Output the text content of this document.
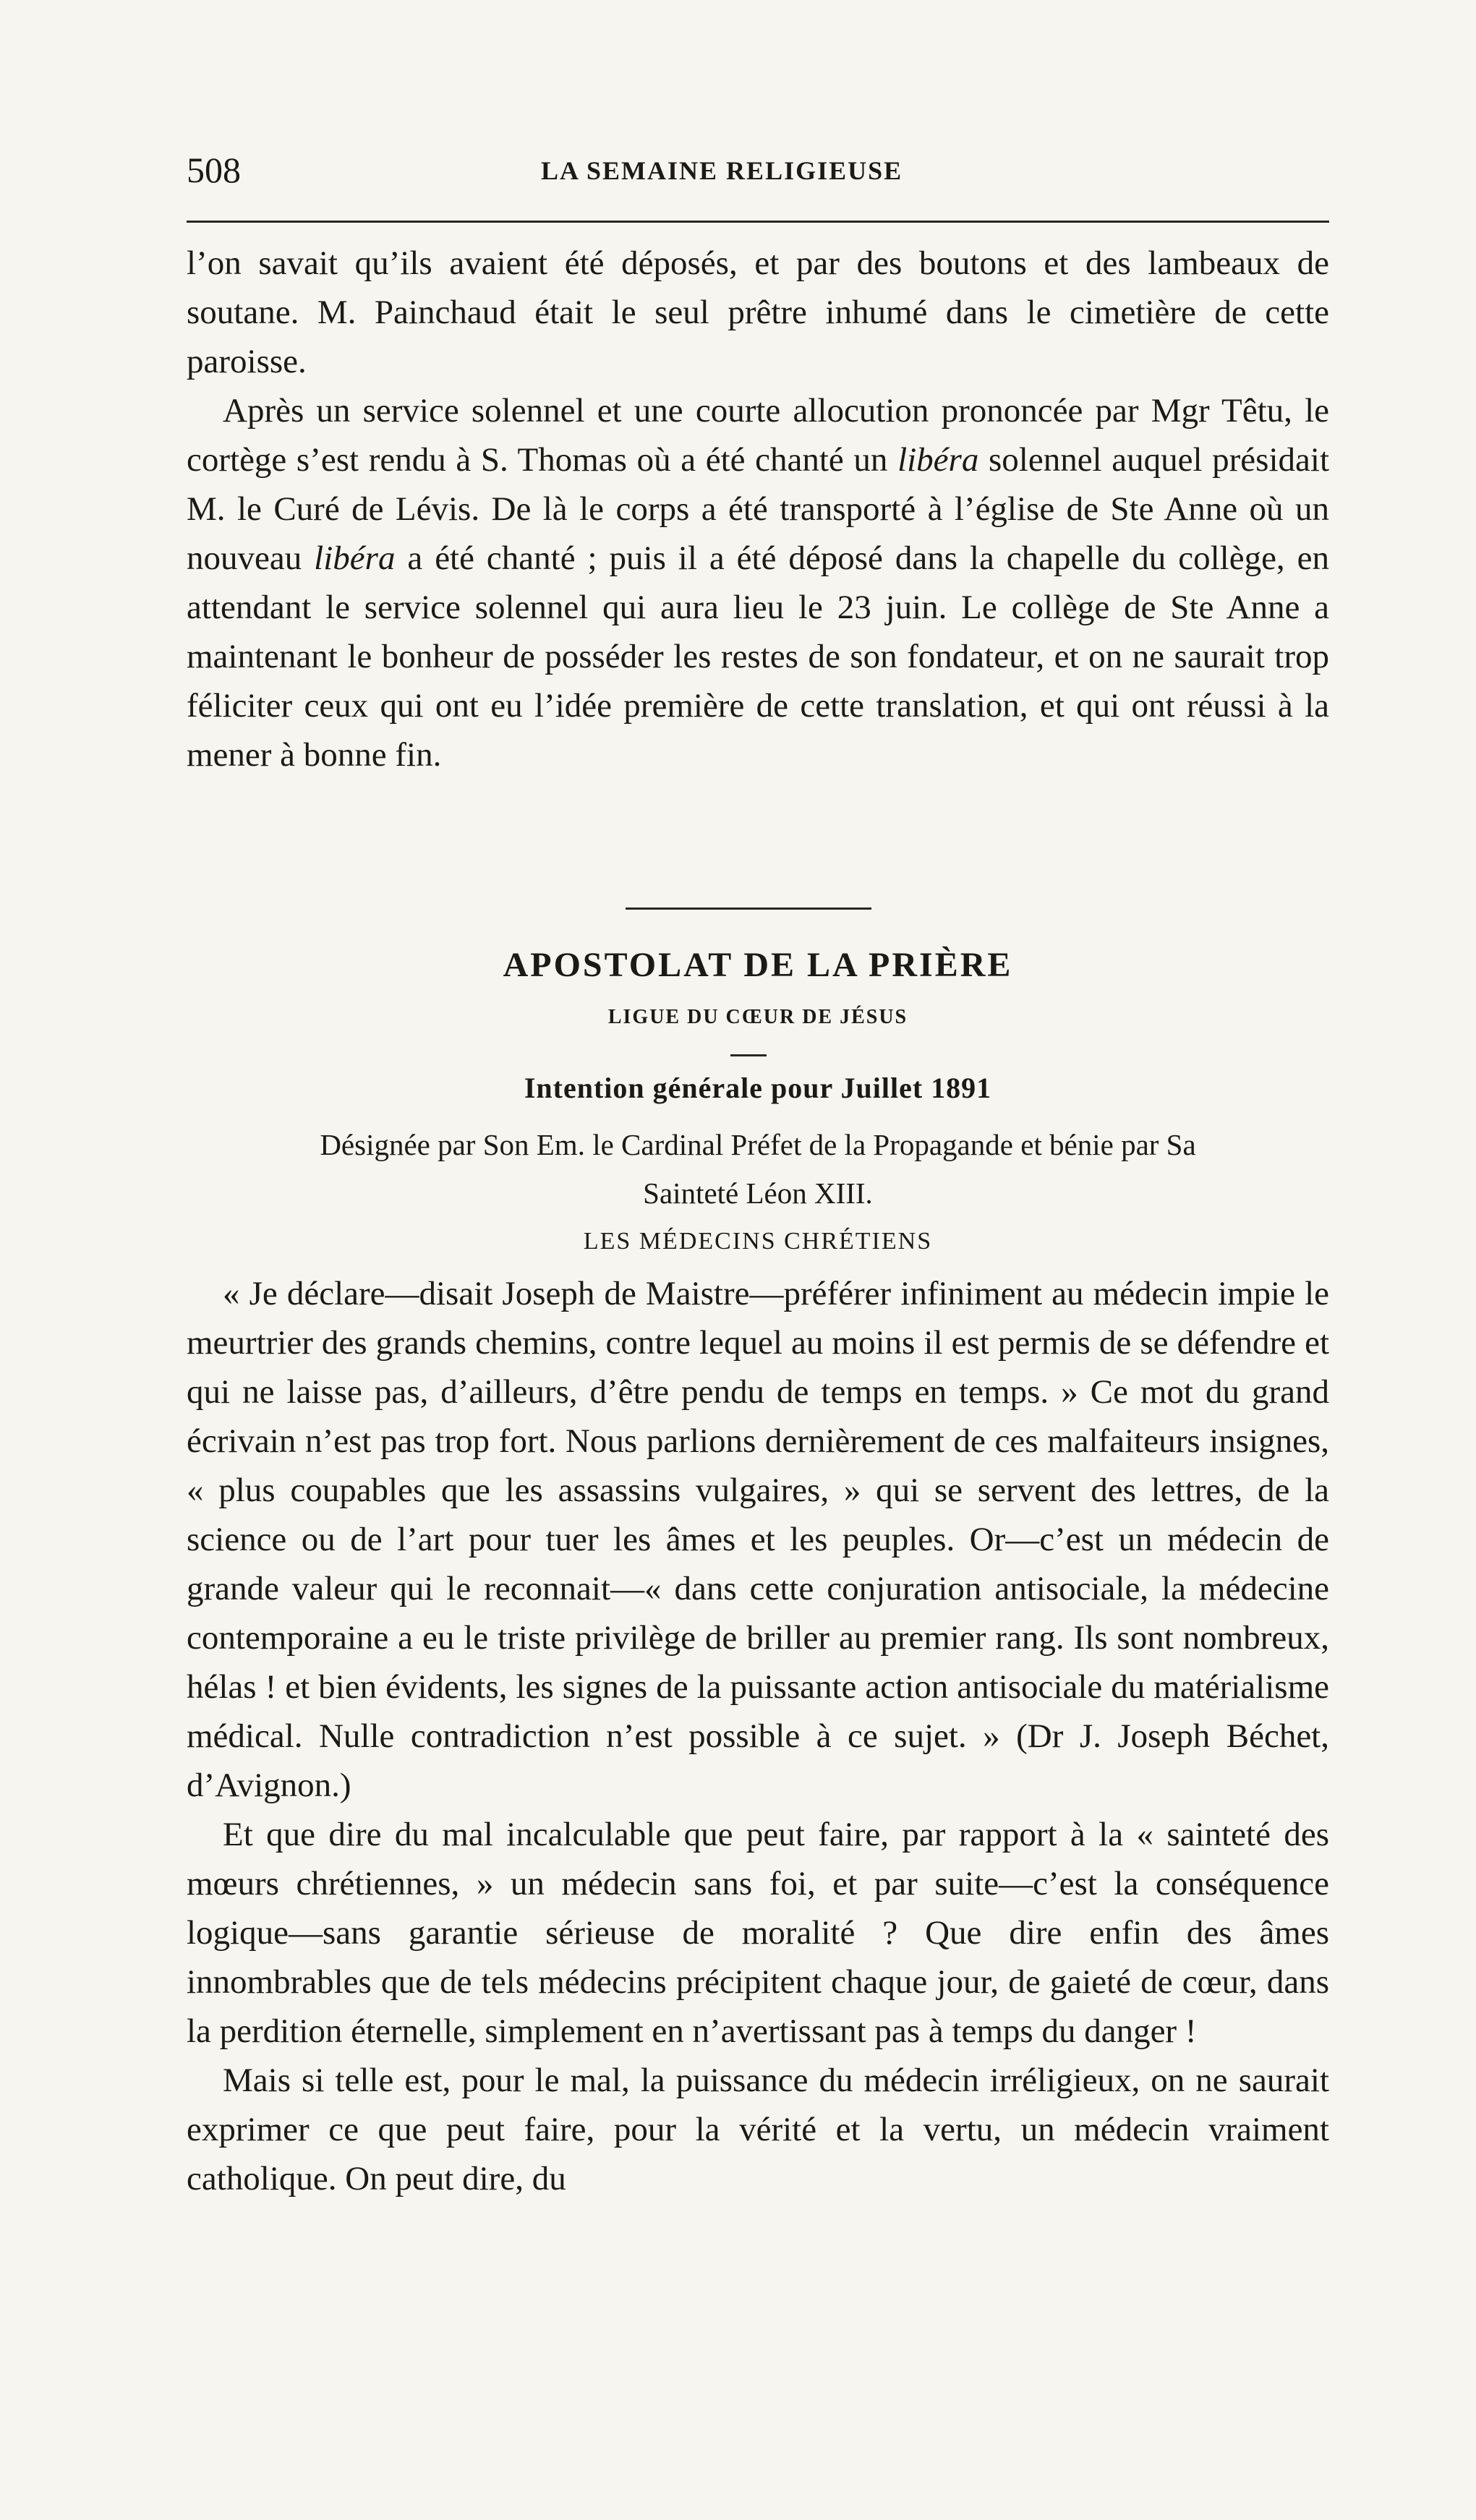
508	LA SEMAINE RELIGIEUSE

l’on savait qu’ils avaient été déposés, et par des boutons et des lambeaux de soutane. M. Painchaud était le seul prêtre inhumé dans le cimetière de cette paroisse.

Après un service solennel et une courte allocution prononcée par Mgr Têtu, le cortège s’est rendu à S. Thomas où a été chanté un libéra solennel auquel présidait M. le Curé de Lévis. De là le corps a été transporté à l’église de Ste Anne où un nouveau libéra a été chanté ; puis il a été déposé dans la chapelle du collège, en attendant le service solennel qui aura lieu le 23 juin. Le collège de Ste Anne a maintenant le bonheur de posséder les restes de son fondateur, et on ne saurait trop féliciter ceux qui ont eu l’idée première de cette translation, et qui ont réussi à la mener à bonne fin.

APOSTOLAT DE LA PRIÈRE
LIGUE DU CŒUR DE JÉSUS
Intention générale pour Juillet 1891
Désignée par Son Em. le Cardinal Préfet de la Propagande et bénie par Sa Sainteté Léon XIII.
LES MÉDECINS CHRÉTIENS

« Je déclare—disait Joseph de Maistre—préférer infiniment au médecin impie le meurtrier des grands chemins, contre lequel au moins il est permis de se défendre et qui ne laisse pas, d’ailleurs, d’être pendu de temps en temps. » Ce mot du grand écrivain n’est pas trop fort. Nous parlions dernièrement de ces malfaiteurs insignes, « plus coupables que les assassins vulgaires, » qui se servent des lettres, de la science ou de l’art pour tuer les âmes et les peuples. Or—c’est un médecin de grande valeur qui le reconnait—« dans cette conjuration antisociale, la médecine contemporaine a eu le triste privilège de briller au premier rang. Ils sont nombreux, hélas ! et bien évidents, les signes de la puissante action antisociale du matérialisme médical. Nulle contradiction n’est possible à ce sujet. » (Dr J. Joseph Béchet, d’Avignon.)

Et que dire du mal incalculable que peut faire, par rapport à la « sainteté des mœurs chrétiennes, » un médecin sans foi, et par suite—c’est la conséquence logique—sans garantie sérieuse de moralité ? Que dire enfin des âmes innombrables que de tels médecins précipitent chaque jour, de gaieté de cœur, dans la perdition éternelle, simplement en n’avertissant pas à temps du danger !

Mais si telle est, pour le mal, la puissance du médecin irréligieux, on ne saurait exprimer ce que peut faire, pour la vérité et la vertu, un médecin vraiment catholique. On peut dire, du
